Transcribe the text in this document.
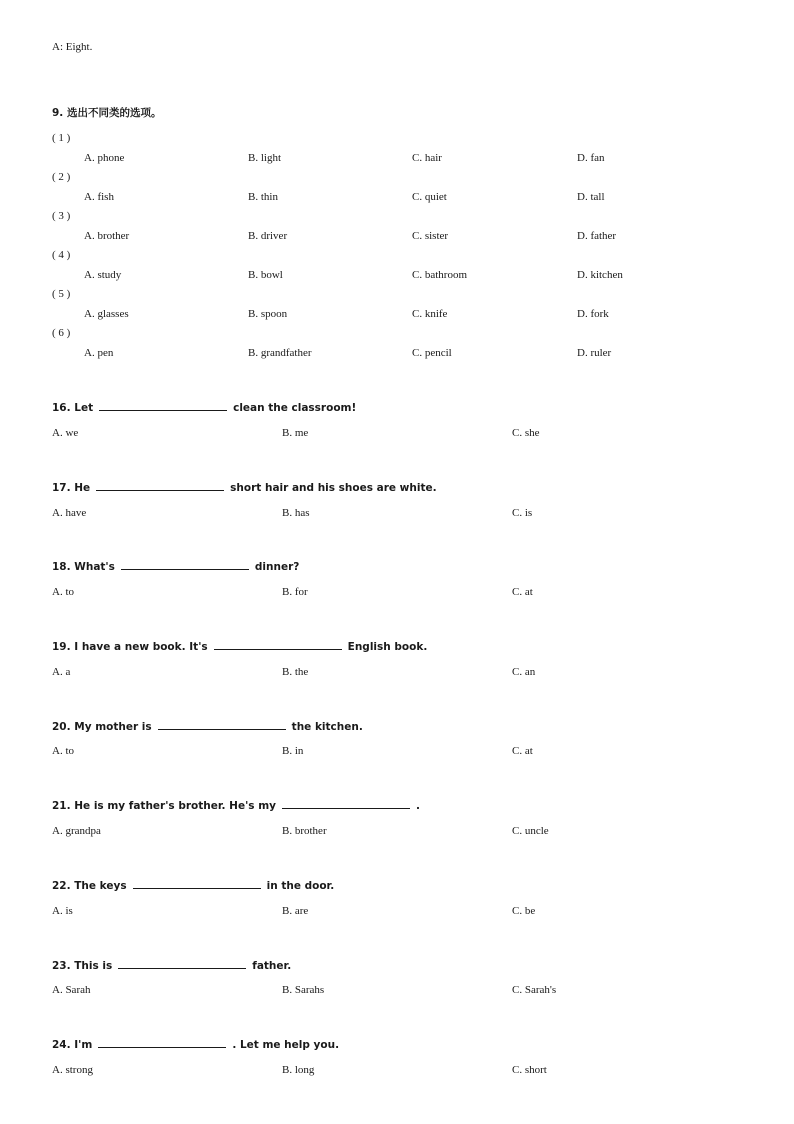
A: Eight.
9. 选出不同类的选项。
( 1 )
A. phone	B. light	C. hair	D. fan
( 2 )
A. fish	B. thin	C. quiet	D. tall
( 3 )
A. brother	B. driver	C. sister	D. father
( 4 )
A. study	B. bowl	C. bathroom	D. kitchen
( 5 )
A. glasses	B. spoon	C. knife	D. fork
( 6 )
A. pen	B. grandfather	C. pencil	D. ruler
16. Let	clean the classroom!
A. we	B. me	C. she
17. He	short hair and his shoes are white.
A. have	B. has	C. is
18. What's	dinner?
A. to	B. for	C. at
19. I have a new book. It's	English book.
A. a	B. the	C. an
20. My mother is	the kitchen.
A. to	B. in	C. at
21. He is my father's brother. He's my	.
A. grandpa	B. brother	C. uncle
22. The keys	in the door.
A. is	B. are	C. be
23. This is	father.
A. Sarah	B. Sarahs	C. Sarah's
24. I'm	. Let me help you.
A. strong	B. long	C. short
